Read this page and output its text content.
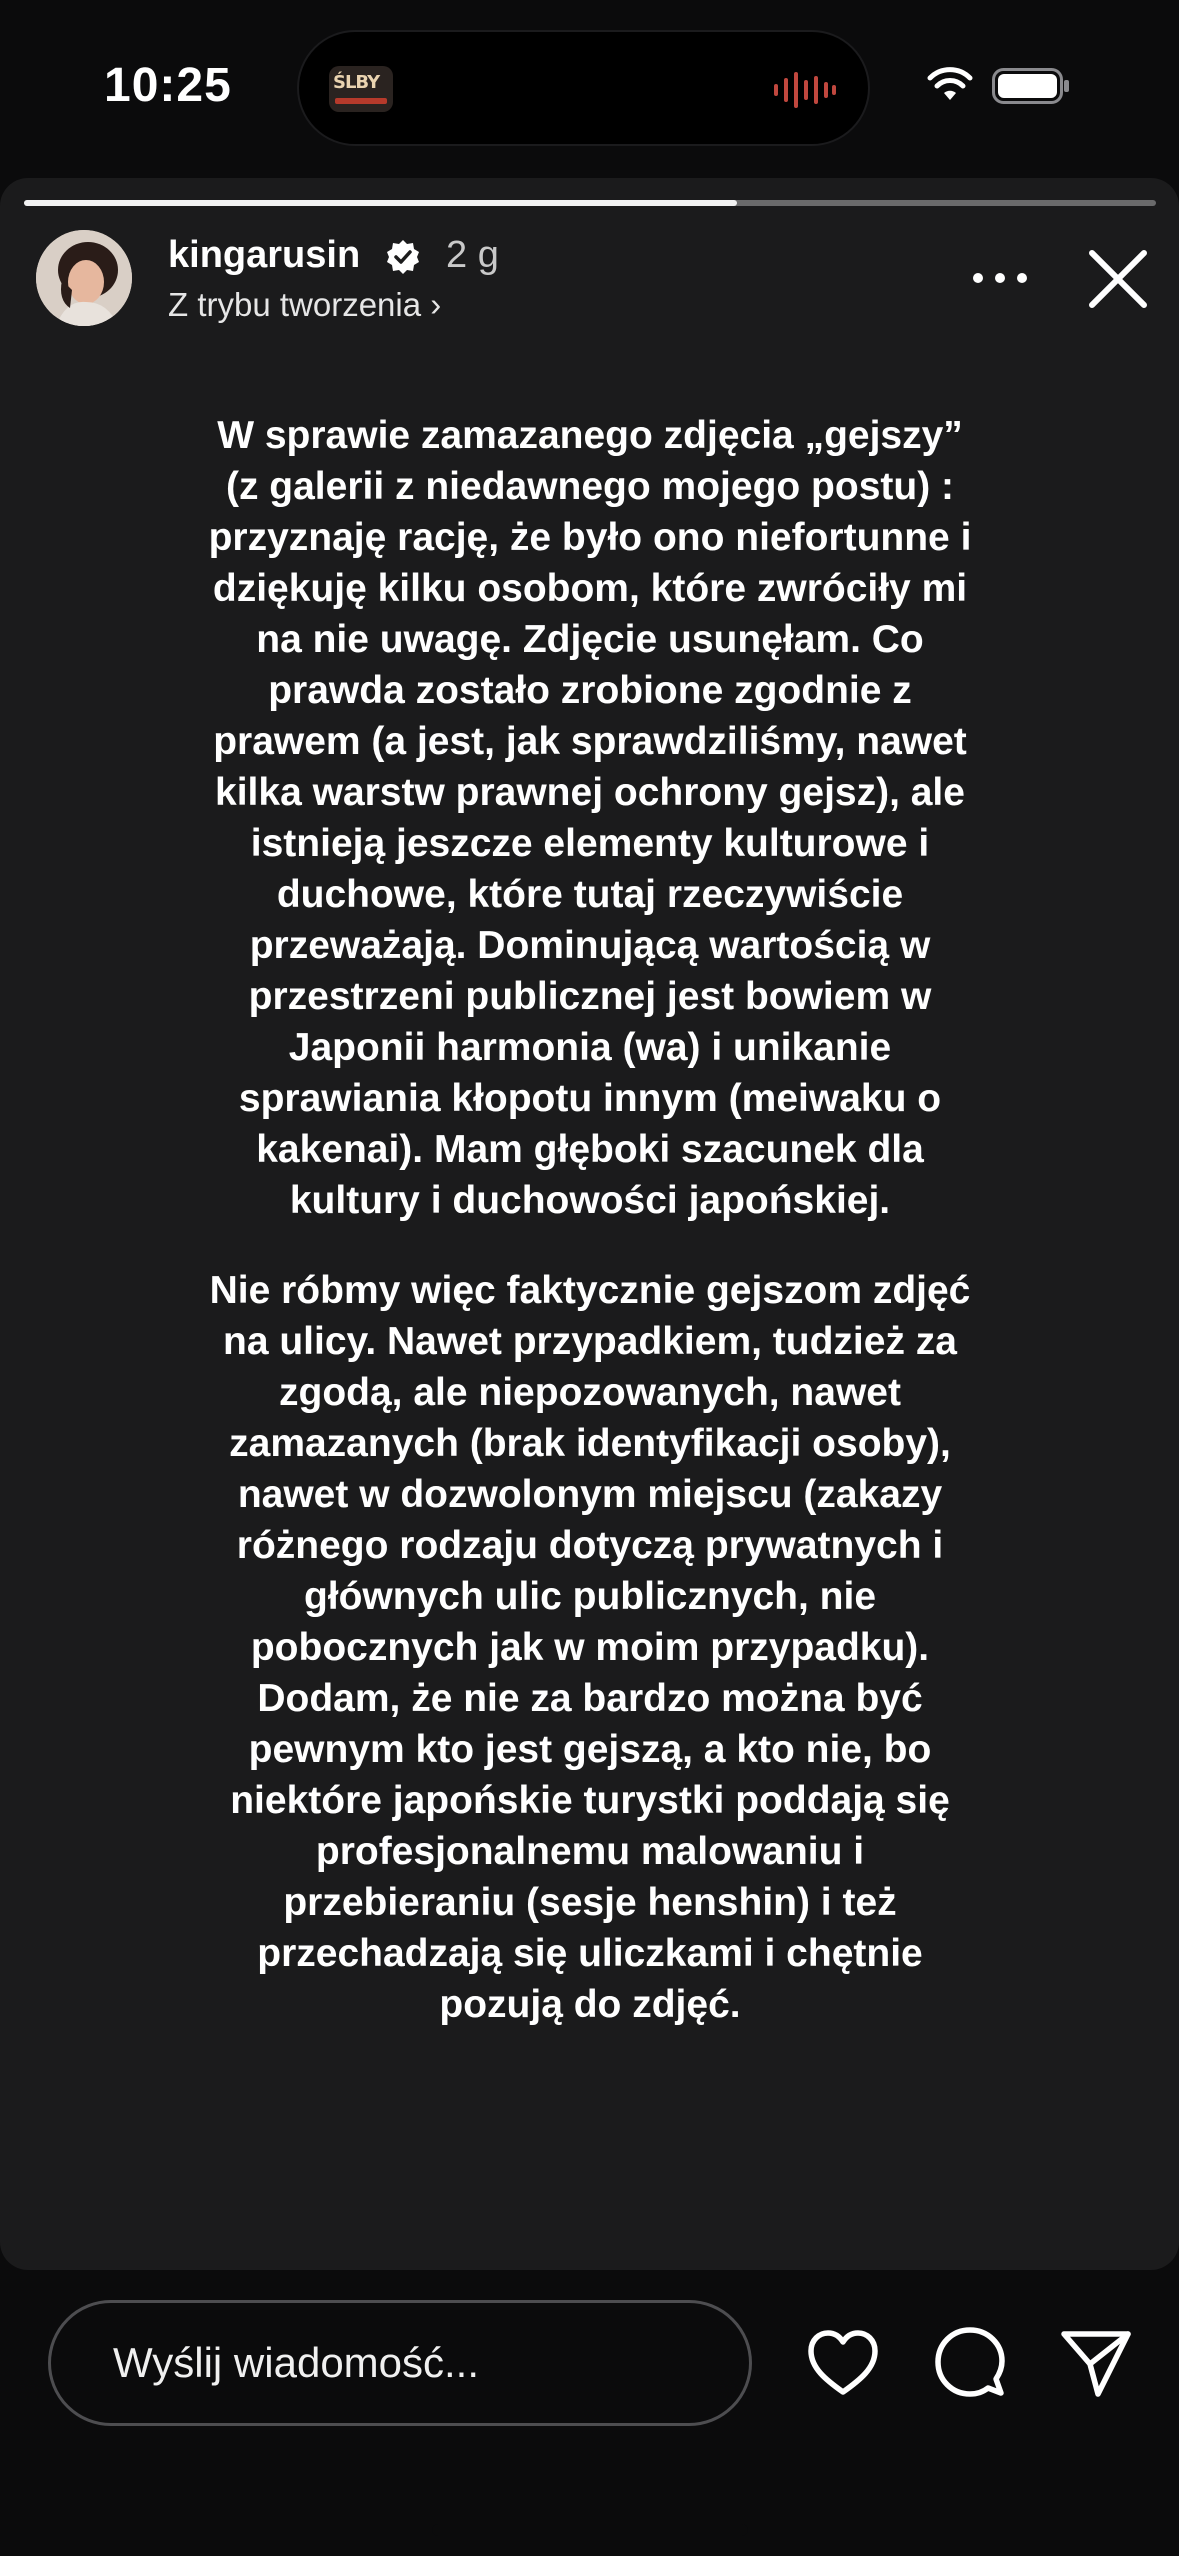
10:25	ŚLBY
kingarusin 2 g
Z trybu tworzenia ›
W sprawie zamazanego zdjęcia „gejszy”
(z galerii z niedawnego mojego postu) :
przyznaję rację, że było ono niefortunne i
dziękuję kilku osobom, które zwróciły mi
na nie uwagę. Zdjęcie usunęłam. Co
prawda zostało zrobione zgodnie z
prawem (a jest, jak sprawdziliśmy, nawet
kilka warstw prawnej ochrony gejsz), ale
istnieją jeszcze elementy kulturowe i
duchowe, które tutaj rzeczywiście
przeważają. Dominującą wartością w
przestrzeni publicznej jest bowiem w
Japonii harmonia (wa) i unikanie
sprawiania kłopotu innym (meiwaku o
kakenai). Mam głęboki szacunek dla
kultury i duchowości japońskiej.
Nie róbmy więc faktycznie gejszom zdjęć
na ulicy. Nawet przypadkiem, tudzież za
zgodą, ale niepozowanych, nawet
zamazanych (brak identyfikacji osoby),
nawet w dozwolonym miejscu (zakazy
różnego rodzaju dotyczą prywatnych i
głównych ulic publicznych, nie
pobocznych jak w moim przypadku).
Dodam, że nie za bardzo można być
pewnym kto jest gejszą, a kto nie, bo
niektóre japońskie turystki poddają się
profesjonalnemu malowaniu i
przebieraniu (sesje henshin) i też
przechadzają się uliczkami i chętnie
pozują do zdjęć.
Wyślij wiadomość...
